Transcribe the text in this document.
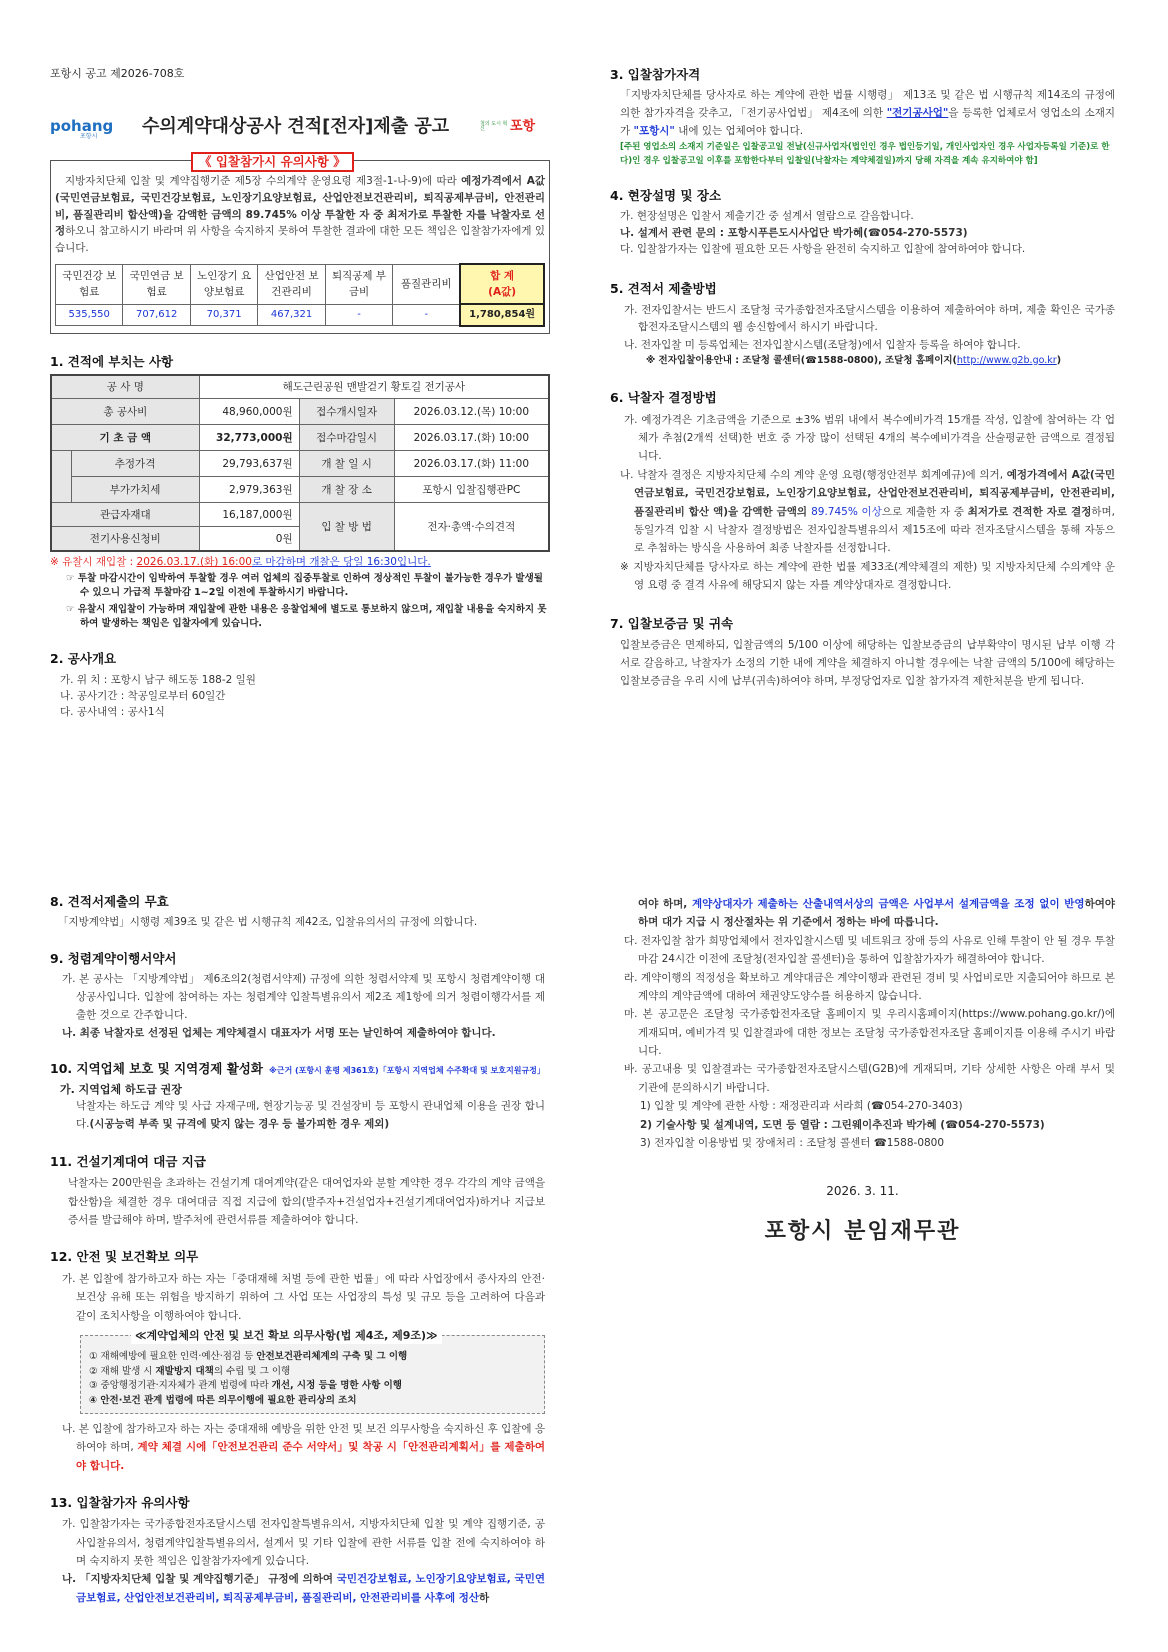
포항시 공고 제2026-708호
pohang
포항시 수의계약대상공사 견적[전자]제출 공고	철의 도시 혁신	포항
《 입찰참가시 유의사항 》
지방자치단체 입찰 및 계약집행기준 제5장 수의계약 운영요령 제3절-1-나-9)에 따라 예정가격에서 A값(국민연금보험료, 국민건강보험료, 노인장기요양보험료, 산업안전보건관리비, 퇴직공제부금비, 안전관리비, 품질관리비 합산액)을 감액한 금액의 89.745% 이상 투찰한 자 중 최저가로 투찰한 자를 낙찰자로 선정하오니 참고하시기 바라며 위 사항을 숙지하지 못하여 투찰한 결과에 대한 모든 책임은 입찰참가자에게 있습니다.
국민건강 보험료	국민연금 보험료	노인장기 요양보험료	산업안전 보건관리비	퇴직공제 부금비	품질관리비	합 계
(A값)

535,550	707,612	70,371	467,321	-	-	1,780,854원
1. 견적에 부치는 사항
공 사 명		해도근린공원 맨발걷기 황토길 전기공사		
총 공사비		48,960,000원	접수개시일자	2026.03.12.(목) 10:00
기 초 금 액		32,773,000원	접수마감일시	2026.03.17.(화) 10:00
	추정가격	29,793,637원	개 찰 일 시	2026.03.17.(화) 11:00
	부가가치세	2,979,363원	개 찰 장 소	포항시 입찰집행관PC
관급자재대		16,187,000원	입 찰 방 법	전자·총액·수의견적
전기사용신청비		0원		
※ 유찰시 재입찰 : 2026.03.17.(화) 16:00로 마감하며 개찰은 당일 16:30입니다.
☞ 투찰 마감시간이 임박하여 투찰할 경우 여러 업체의 집중투찰로 인하여 정상적인 투찰이 불가능한 경우가 발생될 수 있으니 가급적 투찰마감 1~2일 이전에 투찰하시기 바랍니다.
☞ 유찰시 재입찰이 가능하며 재입찰에 관한 내용은 응찰업체에 별도로 통보하지 않으며, 재입찰 내용을 숙지하지 못하여 발생하는 책임은 입찰자에게 있습니다.
2. 공사개요
가. 위 치 : 포항시 남구 해도동 188-2 일원
나. 공사기간 : 착공일로부터 60일간
다. 공사내역 : 공사1식
3. 입찰참가자격
「지방자치단체를 당사자로 하는 계약에 관한 법률 시행령」 제13조 및 같은 법 시행규칙 제14조의 규정에 의한 참가자격을 갖추고, 「전기공사업법」 제4조에 의한 "전기공사업"을 등록한 업체로서 영업소의 소재지가 "포항시" 내에 있는 업체여야 합니다.
[주된 영업소의 소재지 기준일은 입찰공고일 전날(신규사업자(법인인 경우 법인등기일, 개인사업자인 경우 사업자등록일 기준)로 한다)인 경우 입찰공고일 이후를 포함한다부터 입찰일(낙찰자는 계약체결일)까지 당해 자격을 계속 유지하여야 함]
4. 현장설명 및 장소
가. 현장설명은 입찰서 제출기간 중 설계서 열람으로 갈음합니다.
나. 설계서 관련 문의 : 포항시푸른도시사업단 박가혜(☎054-270-5573)
다. 입찰참가자는 입찰에 필요한 모든 사항을 완전히 숙지하고 입찰에 참여하여야 합니다.
5. 견적서 제출방법
가. 전자입찰서는 반드시 조달청 국가종합전자조달시스템을 이용하여 제출하여야 하며, 제출 확인은 국가종합전자조달시스템의 웹 송신함에서 하시기 바랍니다.
나. 전자입찰 미 등록업체는 전자입찰시스템(조달청)에서 입찰자 등록을 하여야 합니다.
※ 전자입찰이용안내 : 조달청 콜센터(☎1588-0800), 조달청 홈페이지(http://www.g2b.go.kr)
6. 낙찰자 결정방법
가. 예정가격은 기초금액을 기준으로 ±3% 범위 내에서 복수예비가격 15개를 작성, 입찰에 참여하는 각 업체가 추첨(2개씩 선택)한 번호 중 가장 많이 선택된 4개의 복수예비가격을 산술평균한 금액으로 결정됩니다.
나. 낙찰자 결정은 지방자치단체 수의 계약 운영 요령(행정안전부 회계예규)에 의거, 예정가격에서 A값(국민연금보험료, 국민건강보험료, 노인장기요양보험료, 산업안전보건관리비, 퇴직공제부금비, 안전관리비, 품질관리비 합산 액)을 감액한 금액의 89.745% 이상으로 제출한 자 중 최저가로 견적한 자로 결정하며, 동일가격 입찰 시 낙찰자 결정방법은 전자입찰특별유의서 제15조에 따라 전자조달시스템을 통해 자동으로 추첨하는 방식을 사용하여 최종 낙찰자를 선정합니다.
※ 지방자치단체를 당사자로 하는 계약에 관한 법률 제33조(계약체결의 제한) 및 지방자치단체 수의계약 운영 요령 중 결격 사유에 해당되지 않는 자를 계약상대자로 결정합니다.
7. 입찰보증금 및 귀속
입찰보증금은 면제하되, 입찰금액의 5/100 이상에 해당하는 입찰보증금의 납부확약이 명시된 납부 이행 각서로 갈음하고, 낙찰자가 소정의 기한 내에 계약을 체결하지 아니할 경우에는 낙찰 금액의 5/100에 해당하는 입찰보증금을 우리 시에 납부(귀속)하여야 하며, 부정당업자로 입찰 참가자격 제한처분을 받게 됩니다.
8. 견적서제출의 무효
「지방계약법」시행령 제39조 및 같은 법 시행규칙 제42조, 입찰유의서의 규정에 의합니다.
9. 청렴계약이행서약서
가. 본 공사는 「지방계약법」 제6조의2(청렴서약제) 규정에 의한 청렴서약제 및 포항시 청렴계약이행 대상공사입니다. 입찰에 참여하는 자는 청렴계약 입찰특별유의서 제2조 제1항에 의거 청렴이행각서를 제출한 것으로 간주합니다.
나. 최종 낙찰자로 선정된 업체는 계약체결시 대표자가 서명 또는 날인하여 제출하여야 합니다.
10. 지역업체 보호 및 지역경제 활성화 ※근거 (포항시 훈령 제361호)「포항시 지역업체 수주확대 및 보호지원규정」
가. 지역업체 하도급 권장
낙찰자는 하도급 계약 및 사급 자재구매, 현장기능공 및 건설장비 등 포항시 관내업체 이용을 권장 합니다.(시공능력 부족 및 규격에 맞지 않는 경우 등 불가피한 경우 제외)
11. 건설기계대여 대금 지급
낙찰자는 200만원을 초과하는 건설기계 대여계약(같은 대여업자와 분할 계약한 경우 각각의 계약 금액을 합산함)을 체결한 경우 대여대금 직접 지급에 합의(발주자+건설업자+건설기계대여업자)하거나 지급보증서를 발급해야 하며, 발주처에 관련서류를 제출하여야 합니다.
12. 안전 및 보건확보 의무
가. 본 입찰에 참가하고자 하는 자는「중대재해 처벌 등에 관한 법률」에 따라 사업장에서 종사자의 안전·보건상 유해 또는 위험을 방지하기 위하여 그 사업 또는 사업장의 특성 및 규모 등을 고려하여 다음과 같이 조치사항을 이행하여야 합니다.
≪계약업체의 안전 및 보건 확보 의무사항(법 제4조, 제9조)≫
① 재해예방에 필요한 인력·예산·점검 등 안전보건관리체계의 구축 및 그 이행
② 재해 발생 시 재발방지 대책의 수립 및 그 이행
③ 중앙행정기관·지자체가 관계 법령에 따라 개선, 시정 등을 명한 사항 이행
④ 안전·보건 관계 법령에 따른 의무이행에 필요한 관리상의 조치
나. 본 입찰에 참가하고자 하는 자는 중대재해 예방을 위한 안전 및 보건 의무사항을 숙지하신 후 입찰에 응하여야 하며, 계약 체결 시에「안전보건관리 준수 서약서」및 착공 시「안전관리계획서」를 제출하여야 합니다.
13. 입찰참가자 유의사항
가. 입찰참가자는 국가종합전자조달시스템 전자입찰특별유의서, 지방자치단체 입찰 및 계약 집행기준, 공사입찰유의서, 청렴계약입찰특별유의서, 설계서 및 기타 입찰에 관한 서류를 입찰 전에 숙지하여야 하며 숙지하지 못한 책임은 입찰참가자에게 있습니다.
나. 「지방자치단체 입찰 및 계약집행기준」 규정에 의하여 국민건강보험료, 노인장기요양보험료, 국민연금보험료, 산업안전보건관리비, 퇴직공제부금비, 품질관리비, 안전관리비를 사후에 정산하
여야 하며, 계약상대자가 제출하는 산출내역서상의 금액은 사업부서 설계금액을 조정 없이 반영하여야 하며 대가 지급 시 정산절차는 위 기준에서 정하는 바에 따릅니다.
다. 전자입찰 참가 희망업체에서 전자입찰시스템 및 네트워크 장애 등의 사유로 인해 투찰이 안 될 경우 투찰마감 24시간 이전에 조달청(전자입찰 콜센터)을 통하여 입찰참가자가 해결하여야 합니다.
라. 계약이행의 적정성을 확보하고 계약대금은 계약이행과 관련된 경비 및 사업비로만 지출되어야 하므로 본 계약의 계약금액에 대하여 채권양도양수를 허용하지 않습니다.
마. 본 공고문은 조달청 국가종합전자조달 홈페이지 및 우리시홈페이지(https://www.pohang.go.kr/)에 게재되며, 예비가격 및 입찰결과에 대한 정보는 조달청 국가종합전자조달 홈페이지를 이용해 주시기 바랍니다.
바. 공고내용 및 입찰결과는 국가종합전자조달시스템(G2B)에 게재되며, 기타 상세한 사항은 아래 부서 및 기관에 문의하시기 바랍니다.
1) 입찰 및 계약에 관한 사항 : 재정관리과 서라희 (☎054-270-3403)
2) 기술사항 및 설계내역, 도면 등 열람 : 그린웨이추진과 박가혜 (☎054-270-5573)
3) 전자입찰 이용방법 및 장애처리 : 조달청 콜센터 ☎1588-0800
2026. 3. 11.
포항시 분임재무관
